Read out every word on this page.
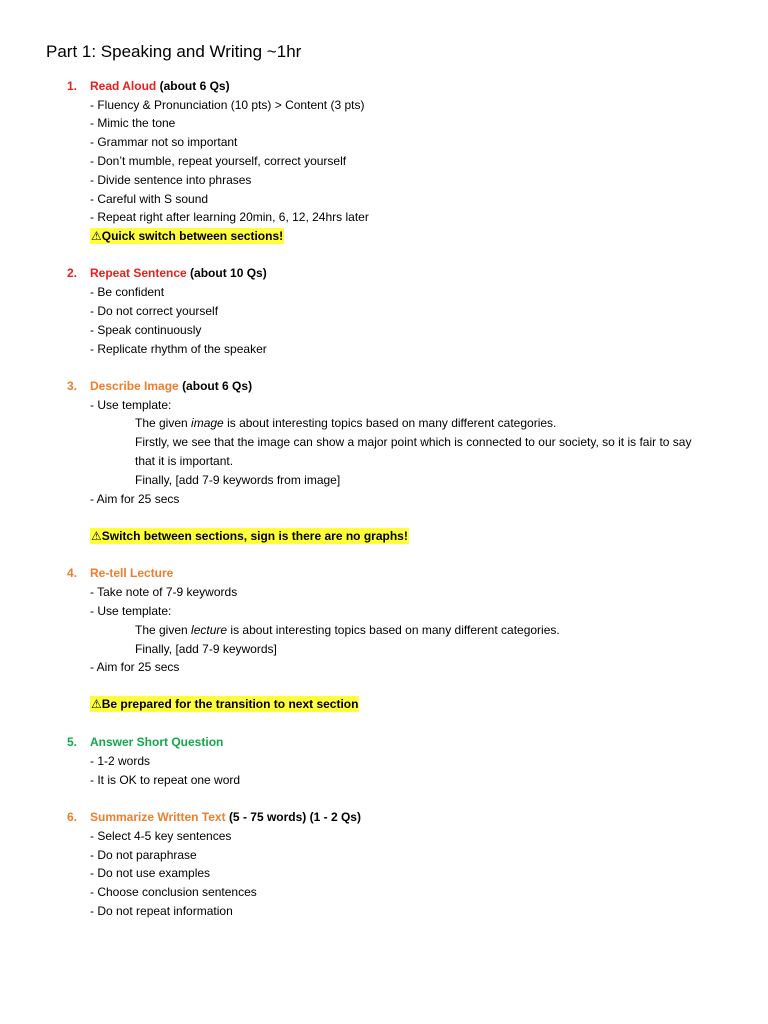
Part 1: Speaking and Writing ~1hr
1. Read Aloud (about 6 Qs)
- Fluency & Pronunciation (10 pts) > Content (3 pts)
- Mimic the tone
- Grammar not so important
- Don’t mumble, repeat yourself, correct yourself
- Divide sentence into phrases
- Careful with S sound
- Repeat right after learning 20min, 6, 12, 24hrs later
⚠Quick switch between sections!
2. Repeat Sentence (about 10 Qs)
- Be confident
- Do not correct yourself
- Speak continuously
- Replicate rhythm of the speaker
3. Describe Image (about 6 Qs)
- Use template:
The given image is about interesting topics based on many different categories.
Firstly, we see that the image can show a major point which is connected to our society, so it is fair to say
that it is important.
Finally, [add 7-9 keywords from image]
- Aim for 25 secs
⚠Switch between sections, sign is there are no graphs!
4. Re-tell Lecture
- Take note of 7-9 keywords
- Use template:
The given lecture is about interesting topics based on many different categories.
Finally, [add 7-9 keywords]
- Aim for 25 secs
⚠Be prepared for the transition to next section
5. Answer Short Question
- 1-2 words
- It is OK to repeat one word
6. Summarize Written Text (5 - 75 words) (1 - 2 Qs)
- Select 4-5 key sentences
- Do not paraphrase
- Do not use examples
- Choose conclusion sentences
- Do not repeat information
